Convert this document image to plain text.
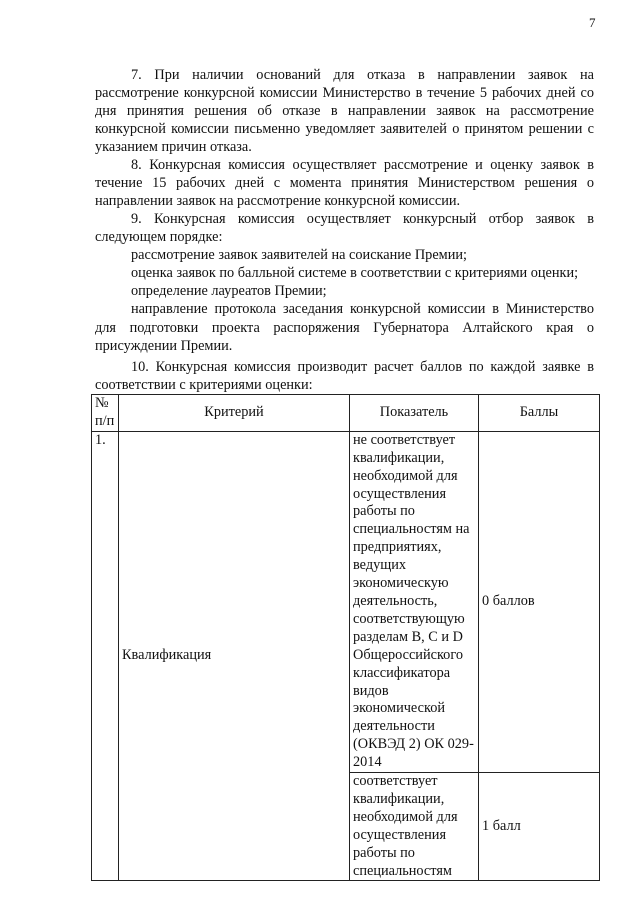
7

7. При наличии оснований для отказа в направлении заявок на рассмотрение конкурсной комиссии Министерство в течение 5 рабочих дней со дня принятия решения об отказе в направлении заявок на рассмотрение конкурсной комиссии письменно уведомляет заявителей о принятом решении с указанием причин отказа.

8. Конкурсная комиссия осуществляет рассмотрение и оценку заявок в течение 15 рабочих дней с момента принятия Министерством решения о направлении заявок на рассмотрение конкурсной комиссии.

9. Конкурсная комиссия осуществляет конкурсный отбор заявок в следующем порядке:

рассмотрение заявок заявителей на соискание Премии;

оценка заявок по балльной системе в соответствии с критериями оценки;

определение лауреатов Премии;

направление протокола заседания конкурсной комиссии в Министерство для подготовки проекта распоряжения Губернатора Алтайского края о присуждении Премии.

10. Конкурсная комиссия производит расчет баллов по каждой заявке в соответствии с критериями оценки:

№ п/п	Критерий	Показатель	Баллы
1.	Квалификация	не соответствует квалификации, необходимой для осуществления работы по специальностям на предприятиях, ведущих экономическую деятельность, соответствующую разделам B, C и D Общероссийского классификатора видов экономической деятельности (ОКВЭД 2) ОК 029-2014	0 баллов
		соответствует квалификации, необходимой для осуществления работы по специальностям	1 балл
